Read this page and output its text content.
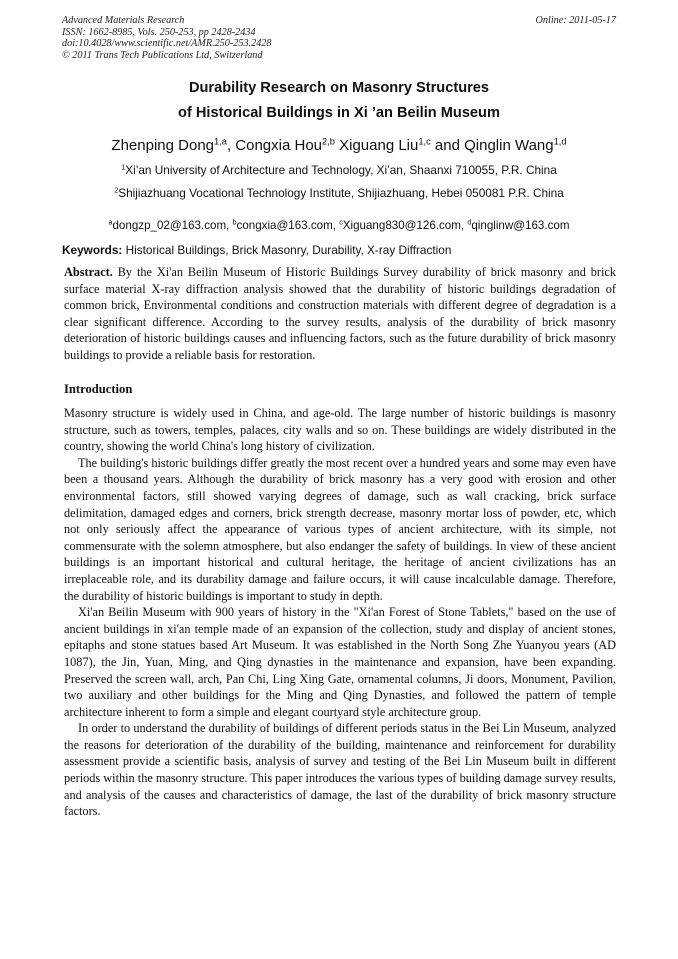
Advanced Materials Research
ISSN: 1662-8985, Vols. 250-253, pp 2428-2434
doi:10.4028/www.scientific.net/AMR.250-253.2428
© 2011 Trans Tech Publications Ltd, Switzerland
Online: 2011-05-17
Durability Research on Masonry Structures
of Historical Buildings in Xi ’an Beilin Museum
Zhenping Dong$^{1,a}$, Congxia Hou$^{2,b}$ Xiguang Liu$^{1,c}$ and Qinglin Wang$^{1,d}$
$^1$Xi’an University of Architecture and Technology, Xi’an, Shaanxi 710055, P.R. China
$^2$Shijiazhuang Vocational Technology Institute, Shijiazhuang, Hebei 050081 P.R. China

$^a$dongzp_02@163.com, $^b$congxia@163.com, $^c$Xiguang830@126.com, $^d$qinglinw@163.com
Keywords: Historical Buildings, Brick Masonry, Durability, X-ray Diffraction
Abstract. By the Xi'an Beilin Museum of Historic Buildings Survey durability of brick masonry and brick surface material X-ray diffraction analysis showed that the durability of historic buildings degradation of common brick, Environmental conditions and construction materials with different degree of degradation is a clear significant difference. According to the survey results, analysis of the durability of brick masonry deterioration of historic buildings causes and influencing factors, such as the future durability of brick masonry buildings to provide a reliable basis for restoration.
Introduction

Masonry structure is widely used in China, and age-old. The large number of historic buildings is masonry structure, such as towers, temples, palaces, city walls and so on. These buildings are widely distributed in the country, showing the world China's long history of civilization.

The building's historic buildings differ greatly the most recent over a hundred years and some may even have been a thousand years. Although the durability of brick masonry has a very good with erosion and other environmental factors, still showed varying degrees of damage, such as wall cracking, brick surface delimitation, damaged edges and corners, brick strength decrease, masonry mortar loss of powder, etc, which not only seriously affect the appearance of various types of ancient architecture, with its simple, not commensurate with the solemn atmosphere, but also endanger the safety of buildings. In view of these ancient buildings is an important historical and cultural heritage, the heritage of ancient civilizations has an irreplaceable role, and its durability damage and failure occurs, it will cause incalculable damage. Therefore, the durability of historic buildings is important to study in depth.

Xi'an Beilin Museum with 900 years of history in the "Xi'an Forest of Stone Tablets," based on the use of ancient buildings in xi'an temple made of an expansion of the collection, study and display of ancient stones, epitaphs and stone statues based Art Museum. It was established in the North Song Zhe Yuanyou years (AD 1087), the Jin, Yuan, Ming, and Qing dynasties in the maintenance and expansion, have been expanding. Preserved the screen wall, arch, Pan Chi, Ling Xing Gate, ornamental columns, Ji doors, Monument, Pavilion, two auxiliary and other buildings for the Ming and Qing Dynasties, and followed the pattern of temple architecture inherent to form a simple and elegant courtyard style architecture group.

In order to understand the durability of buildings of different periods status in the Bei Lin Museum, analyzed the reasons for deterioration of the durability of the building, maintenance and reinforcement for durability assessment provide a scientific basis, analysis of survey and testing of the Bei Lin Museum built in different periods within the masonry structure. This paper introduces the various types of building damage survey results, and analysis of the causes and characteristics of damage, the last of the durability of brick masonry structure factors.
